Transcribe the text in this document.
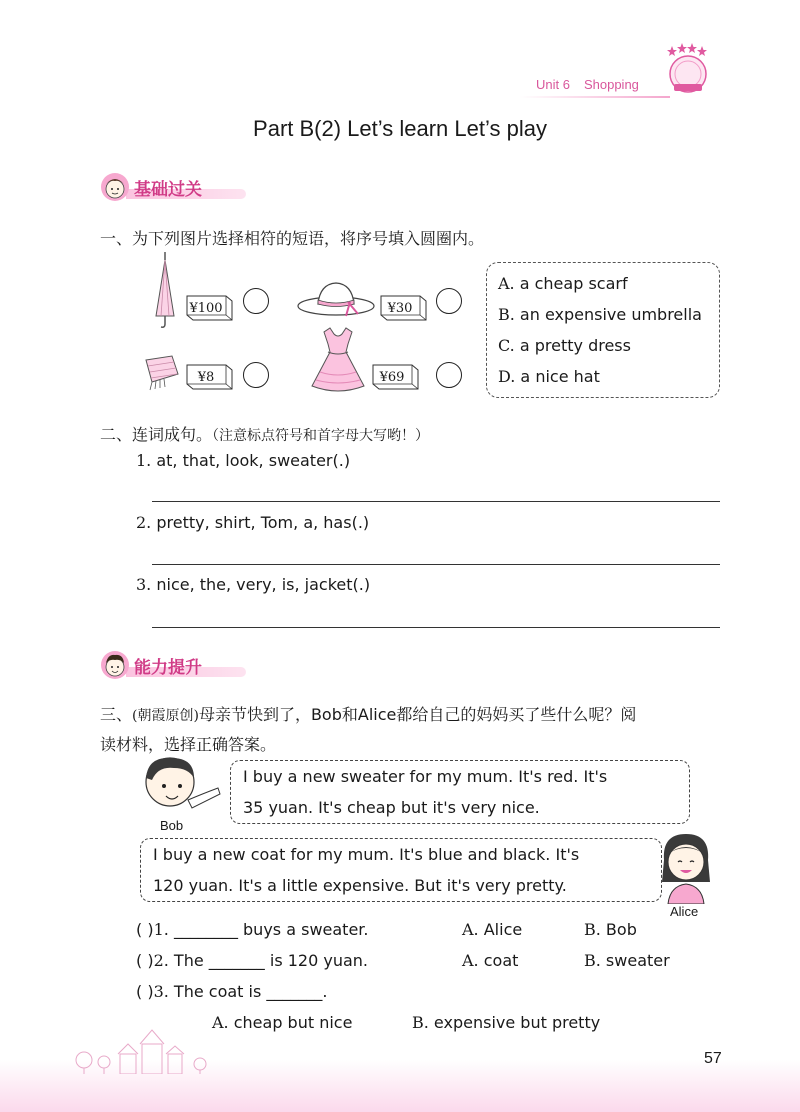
Unit 6 Shopping
Part B(2) Let’s learn Let’s play
基础过关
一、为下列图片选择相符的短语，将序号填入圆圈内。
¥100	¥30
¥8	¥69
A. a cheap scarf
B. an expensive umbrella
C. a pretty dress
D. a nice hat
二、连词成句。（注意标点符号和首字母大写哟！）
1. at, that, look, sweater(.)
2. pretty, shirt, Tom, a, has(.)
3. nice, the, very, is, jacket(.)
能力提升
三、(朝霞原创)母亲节快到了，Bob和Alice都给自己的妈妈买了些什么呢？阅
读材料，选择正确答案。
Bob
I buy a new sweater for my mum. It's red. It's
35 yuan. It's cheap but it's very nice.
I buy a new coat for my mum. It's blue and black. It's
120 yuan. It's a little expensive. But it's very pretty.
Alice
( )1. ________ buys a sweater.	A. Alice	B. Bob
( )2. The _______ is 120 yuan.	A. coat	B. sweater
( )3. The coat is _______.
A. cheap but nice	B. expensive but pretty
57
